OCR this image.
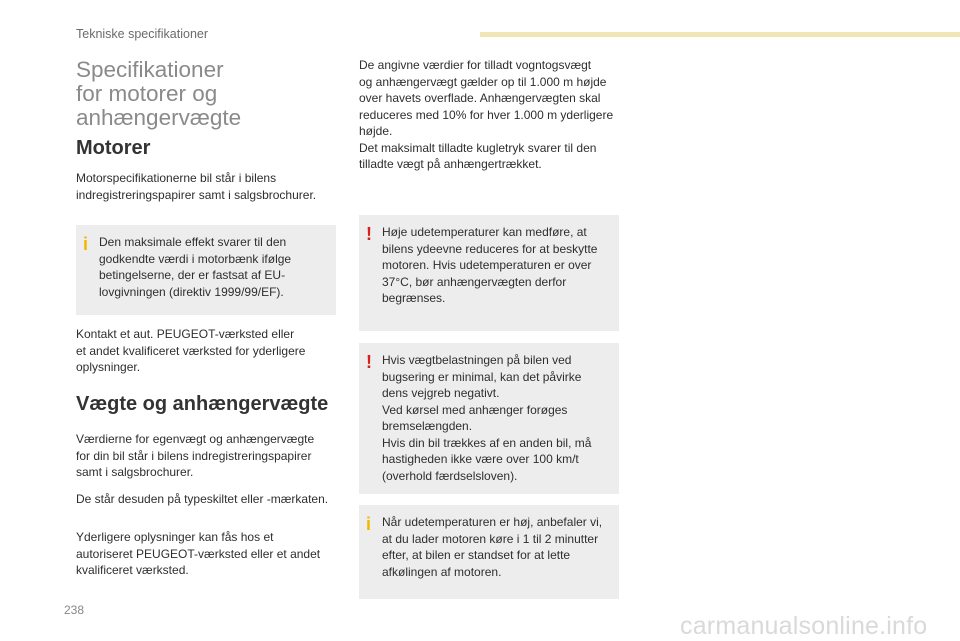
Tekniske specifikationer
Specifikationer
for motorer og
anhængervægte
Motorer

Motorspecifikationerne bil står i bilens
indregistreringspapirer samt i salgsbrochurer.

i Den maksimale effekt svarer til den
godkendte værdi i motorbænk ifølge
betingelserne, der er fastsat af EU-
lovgivningen (direktiv 1999/99/EF).

Kontakt et aut. PEUGEOT-værksted eller
et andet kvalificeret værksted for yderligere
oplysninger.

Vægte og anhængervægte

Værdierne for egenvægt og anhængervægte
for din bil står i bilens indregistreringspapirer
samt i salgsbrochurer.

De står desuden på typeskiltet eller -mærkaten.

Yderligere oplysninger kan fås hos et
autoriseret PEUGEOT-værksted eller et andet
kvalificeret værksted.

De angivne værdier for tilladt vogntogsvægt
og anhængervægt gælder op til 1.000 m højde
over havets overflade. Anhængervægten skal
reduceres med 10% for hver 1.000 m yderligere
højde.
Det maksimalt tilladte kugletryk svarer til den
tilladte vægt på anhængertrækket.

! Høje udetemperaturer kan medføre, at
bilens ydeevne reduceres for at beskytte
motoren. Hvis udetemperaturen er over
37°C, bør anhængervægten derfor
begrænses.
! Hvis vægtbelastningen på bilen ved
bugsering er minimal, kan det påvirke
dens vejgreb negativt.
Ved kørsel med anhænger forøges
bremselængden.
Hvis din bil trækkes af en anden bil, må
hastigheden ikke være over 100 km/t
(overhold færdselsloven).
i Når udetemperaturen er høj, anbefaler vi,
at du lader motoren køre i 1 til 2 minutter
efter, at bilen er standset for at lette
afkølingen af motoren.
238
carmanualsonline.info
